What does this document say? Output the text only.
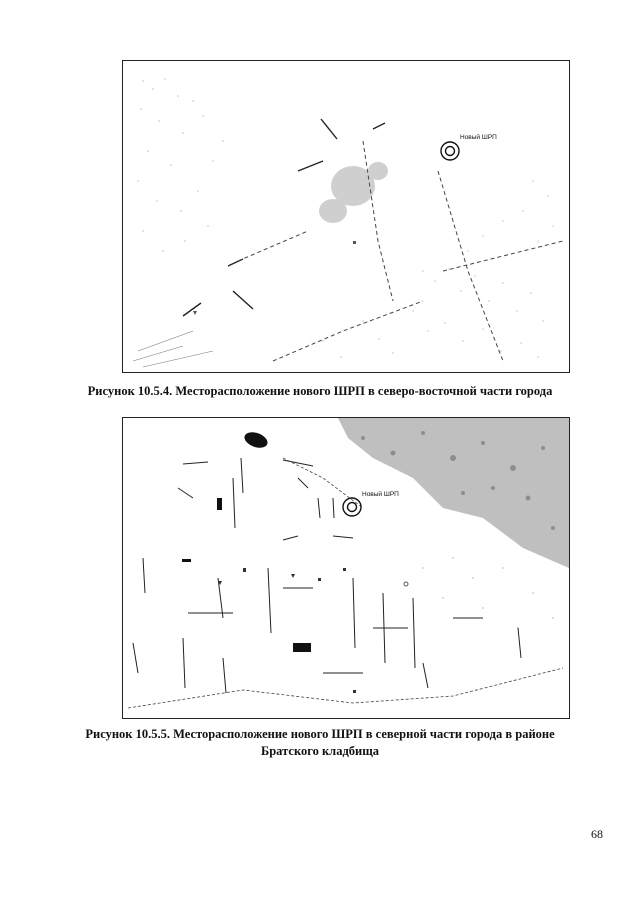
Новый ШРП
Рисунок 10.5.4. Месторасположение нового ШРП в северо-восточной части города
Новый ШРП
Рисунок 10.5.5. Месторасположение нового ШРП в северной части города в районе
Братского кладбища
68
